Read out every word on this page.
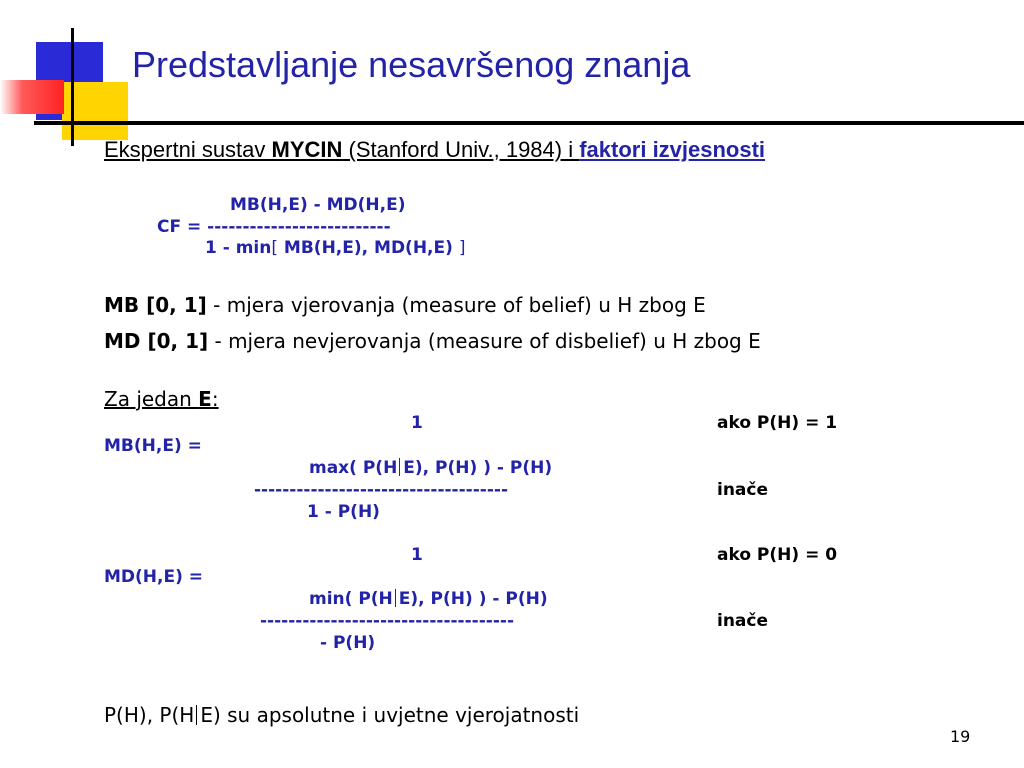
Predstavljanje nesavršenog znanja
Ekspertni sustav MYCIN (Stanford Univ., 1984) i faktori izvjesnosti
MB(H,E) - MD(H,E)
CF = --------------------------
1 - min[ MB(H,E), MD(H,E) ]
MB [0, 1] - mjera vjerovanja (measure of belief) u H zbog E
MD [0, 1] - mjera nevjerovanja (measure of disbelief) u H zbog E
Za jedan E:
1	ako P(H) = 1
MB(H,E) =
max( P(H E), P(H) ) - P(H)
------------------------------------	inače
1 - P(H)
1	ako P(H) = 0
MD(H,E) =
min( P(H E), P(H) ) - P(H)
------------------------------------	inače
- P(H)
P(H), P(H E) su apsolutne i uvjetne vjerojatnosti
19
